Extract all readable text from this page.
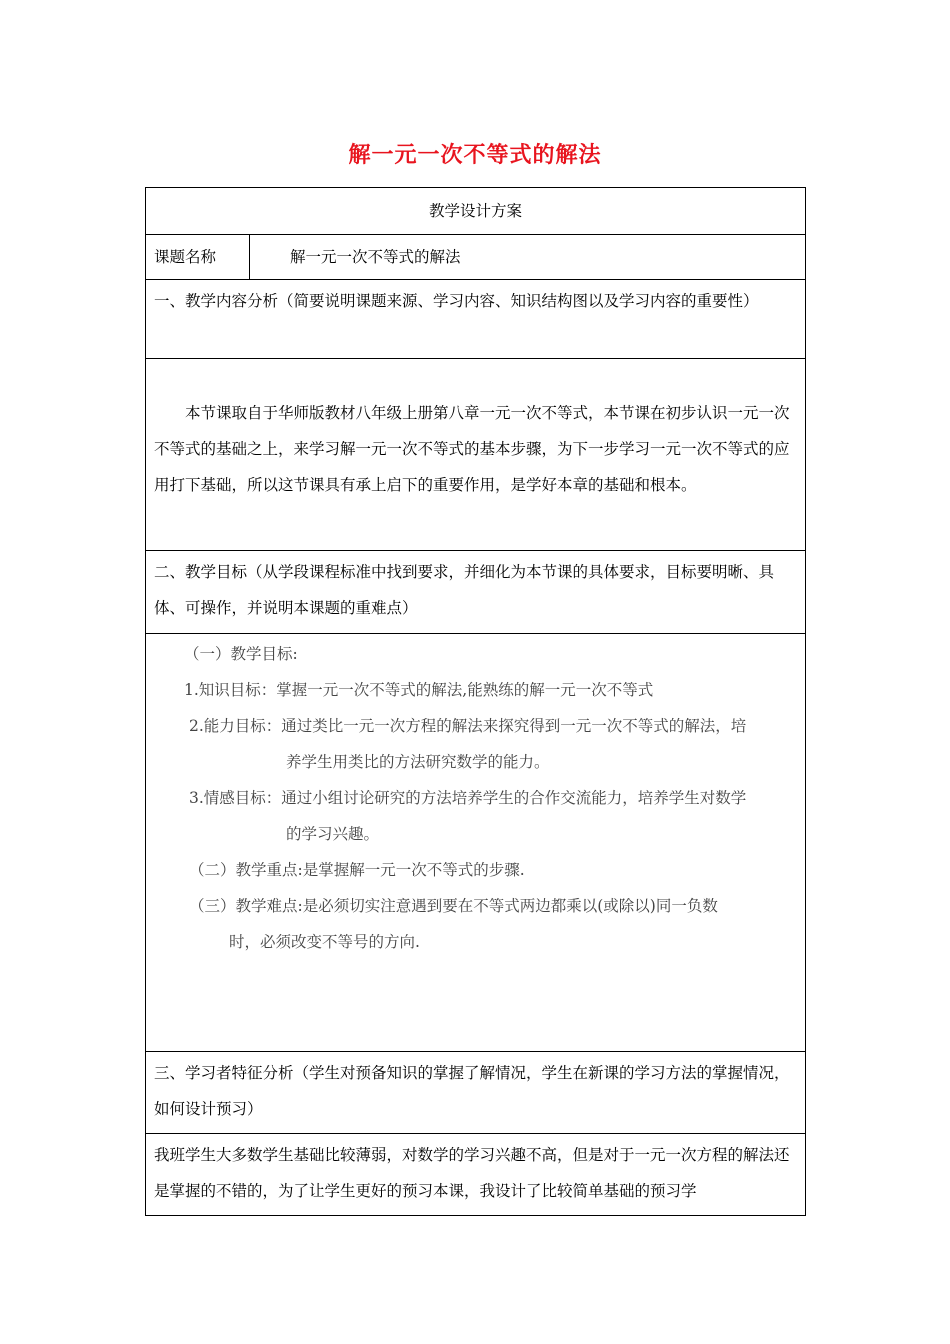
解一元一次不等式的解法
教学设计方案
课题名称	解一元一次不等式的解法
一、教学内容分析（简要说明课题来源、学习内容、知识结构图以及学习内容的重要性）
本节课取自于华师版教材八年级上册第八章一元一次不等式，本节课在初步认识一元一次不等式的基础之上，来学习解一元一次不等式的基本步骤，为下一步学习一元一次不等式的应用打下基础，所以这节课具有承上启下的重要作用，是学好本章的基础和根本。
二、教学目标（从学段课程标准中找到要求，并细化为本节课的具体要求，目标要明晰、具体、可操作，并说明本课题的重难点）

（一）教学目标:

1.知识目标：掌握一元一次不等式的解法,能熟练的解一元一次不等式

2.能力目标：通过类比一元一次方程的解法来探究得到一元一次不等式的解法，培

养学生用类比的方法研究数学的能力。

3.情感目标：通过小组讨论研究的方法培养学生的合作交流能力，培养学生对数学

的学习兴趣。

（二）教学重点:是掌握解一元一次不等式的步骤.

（三）教学难点:是必须切实注意遇到要在不等式两边都乘以(或除以)同一负数

时，必须改变不等号的方向.

三、学习者特征分析（学生对预备知识的掌握了解情况，学生在新课的学习方法的掌握情况，如何设计预习）
我班学生大多数学生基础比较薄弱，对数学的学习兴趣不高，但是对于一元一次方程的解法还是掌握的不错的，为了让学生更好的预习本课，我设计了比较简单基础的预习学
